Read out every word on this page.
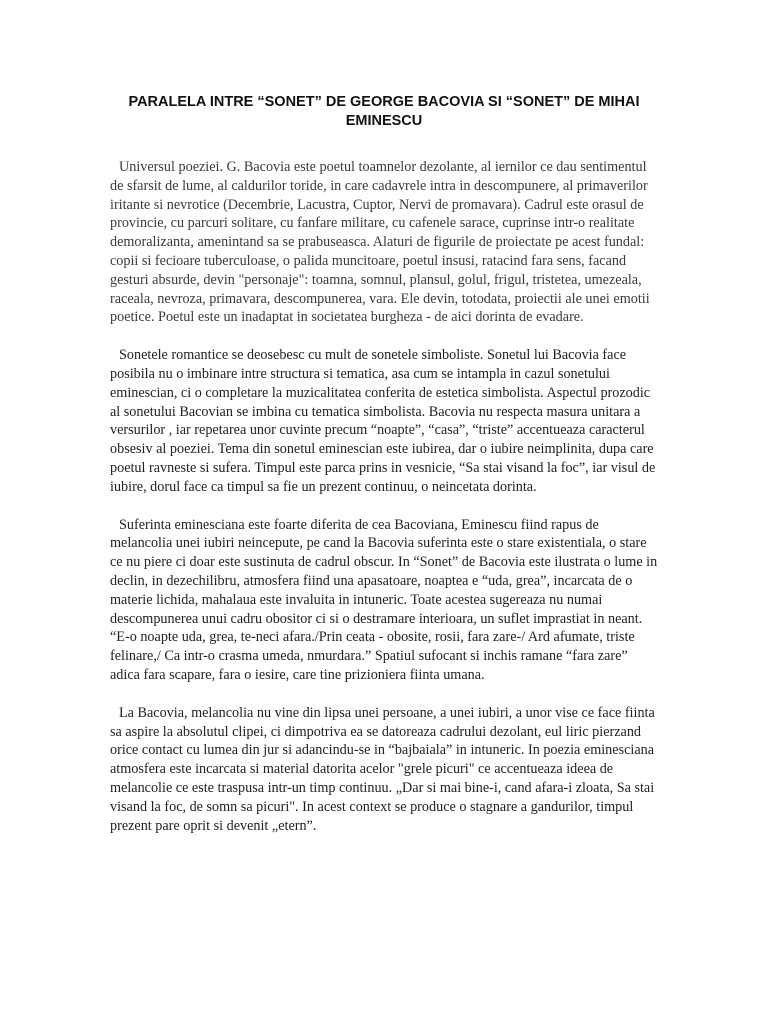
PARALELA INTRE “SONET” DE GEORGE BACOVIA SI “SONET” DE MIHAI EMINESCU

Universul poeziei. G. Bacovia este poetul toamnelor dezolante, al iernilor ce dau sentimentul de sfarsit de lume, al caldurilor toride, in care cadavrele intra in descompunere, al primaverilor iritante si nevrotice (Decembrie, Lacustra, Cuptor, Nervi de promavara). Cadrul este orasul de provincie, cu parcuri solitare, cu fanfare militare, cu cafenele sarace, cuprinse intr-o realitate demoralizanta, amenintand sa se prabuseasca. Alaturi de figurile de proiectate pe acest fundal: copii si fecioare tuberculoase, o palida muncitoare, poetul insusi, ratacind fara sens, facand gesturi absurde, devin "personaje": toamna, somnul, plansul, golul, frigul, tristetea, umezeala, raceala, nevroza, primavara, descompunerea, vara. Ele devin, totodata, proiectii ale unei emotii poetice. Poetul este un inadaptat in societatea burgheza - de aici dorinta de evadare.

Sonetele romantice se deosebesc cu mult de sonetele simboliste. Sonetul lui Bacovia face posibila nu o imbinare intre structura si tematica, asa cum se intampla in cazul sonetului eminescian, ci o completare la muzicalitatea conferita de estetica simbolista. Aspectul prozodic al sonetului Bacovian se imbina cu tematica simbolista. Bacovia nu respecta masura unitara a versurilor , iar repetarea unor cuvinte precum “noapte”, “casa”, “triste” accentueaza caracterul obsesiv al poeziei. Tema din sonetul eminescian este iubirea, dar o iubire neimplinita, dupa care poetul ravneste si sufera. Timpul este parca prins in vesnicie, “Sa stai visand la foc”, iar visul de iubire, dorul face ca timpul sa fie un prezent continuu, o neincetata dorinta.

Suferinta eminesciana este foarte diferita de cea Bacoviana, Eminescu fiind rapus de melancolia unei iubiri neincepute, pe cand la Bacovia suferinta este o stare existentiala, o stare ce nu piere ci doar este sustinuta de cadrul obscur. In “Sonet” de Bacovia este ilustrata o lume in declin, in dezechilibru, atmosfera fiind una apasatoare, noaptea e “uda, grea”, incarcata de o materie lichida, mahalaua este invaluita in intuneric. Toate acestea sugereaza nu numai descompunerea unui cadru obositor ci si o destramare interioara, un suflet imprastiat in neant. “E-o noapte uda, grea, te-neci afara./Prin ceata - obosite, rosii, fara zare-/ Ard afumate, triste felinare,/ Ca intr-o crasma umeda, nmurdara.” Spatiul sufocant si inchis ramane “fara zare” adica fara scapare, fara o iesire, care tine prizioniera fiinta umana.

La Bacovia, melancolia nu vine din lipsa unei persoane, a unei iubiri, a unor vise ce face fiinta sa aspire la absolutul clipei, ci dimpotriva ea se datoreaza cadrului dezolant, eul liric pierzand orice contact cu lumea din jur si adancindu-se in “bajbaiala” in intuneric. In poezia eminesciana atmosfera este incarcata si material datorita acelor "grele picuri" ce accentueaza ideea de melancolie ce este traspusa intr-un timp continuu. „Dar si mai bine-i, cand afara-i zloata, Sa stai visand la foc, de somn sa picuri". In acest context se produce o stagnare a gandurilor, timpul prezent pare oprit si devenit „etern”.
